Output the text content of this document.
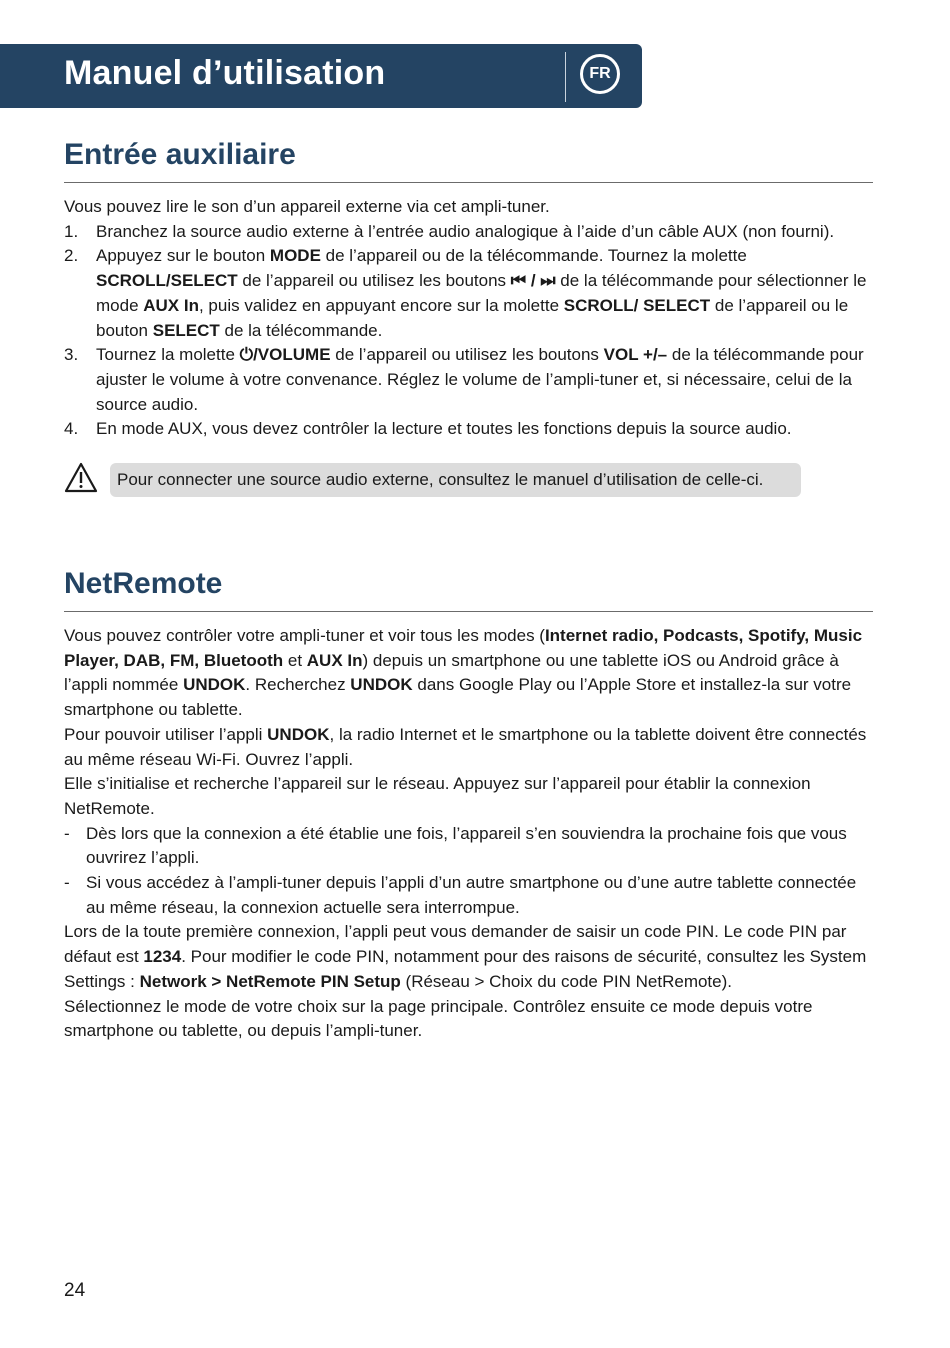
Manuel d’utilisation	FR
Entrée auxiliaire

Vous pouvez lire le son d’un appareil externe via cet ampli-tuner.

1. Branchez la source audio externe à l’entrée audio analogique à l’aide d’un câble AUX (non fourni).
2. Appuyez sur le bouton MODE de l’appareil ou de la télécommande. Tournez la molette SCROLL/SELECT de l’appareil ou utilisez les boutons ⏮ / ⏭ de la télécommande pour sélectionner le mode AUX In, puis validez en appuyant encore sur la molette SCROLL/ SELECT de l’appareil ou le bouton SELECT de la télécommande.
3. Tournez la molette ⏻/VOLUME de l’appareil ou utilisez les boutons VOL +/– de la télécommande pour ajuster le volume à votre convenance. Réglez le volume de l’ampli-tuner et, si nécessaire, celui de la source audio.
4. En mode AUX, vous devez contrôler la lecture et toutes les fonctions depuis la source audio.
Pour connecter une source audio externe, consultez le manuel d’utilisation de celle-ci.
NetRemote

Vous pouvez contrôler votre ampli-tuner et voir tous les modes (Internet radio, Podcasts, Spotify, Music Player, DAB, FM, Bluetooth et AUX In) depuis un smartphone ou une tablette iOS ou Android grâce à l’appli nommée UNDOK. Recherchez UNDOK dans Google Play ou l’Apple Store et installez-la sur votre smartphone ou tablette.

Pour pouvoir utiliser l’appli UNDOK, la radio Internet et le smartphone ou la tablette doivent être connectés au même réseau Wi-Fi. Ouvrez l’appli.

Elle s’initialise et recherche l’appareil sur le réseau. Appuyez sur l’appareil pour établir la connexion NetRemote.

- Dès lors que la connexion a été établie une fois, l’appareil s’en souviendra la prochaine fois que vous ouvrirez l’appli.
- Si vous accédez à l’ampli-tuner depuis l’appli d’un autre smartphone ou d’une autre tablette connectée au même réseau, la connexion actuelle sera interrompue.

Lors de la toute première connexion, l’appli peut vous demander de saisir un code PIN. Le code PIN par défaut est 1234. Pour modifier le code PIN, notamment pour des raisons de sécurité, consultez les System Settings : Network > NetRemote PIN Setup (Réseau > Choix du code PIN NetRemote).

Sélectionnez le mode de votre choix sur la page principale. Contrôlez ensuite ce mode depuis votre smartphone ou tablette, ou depuis l’ampli-tuner.

24
